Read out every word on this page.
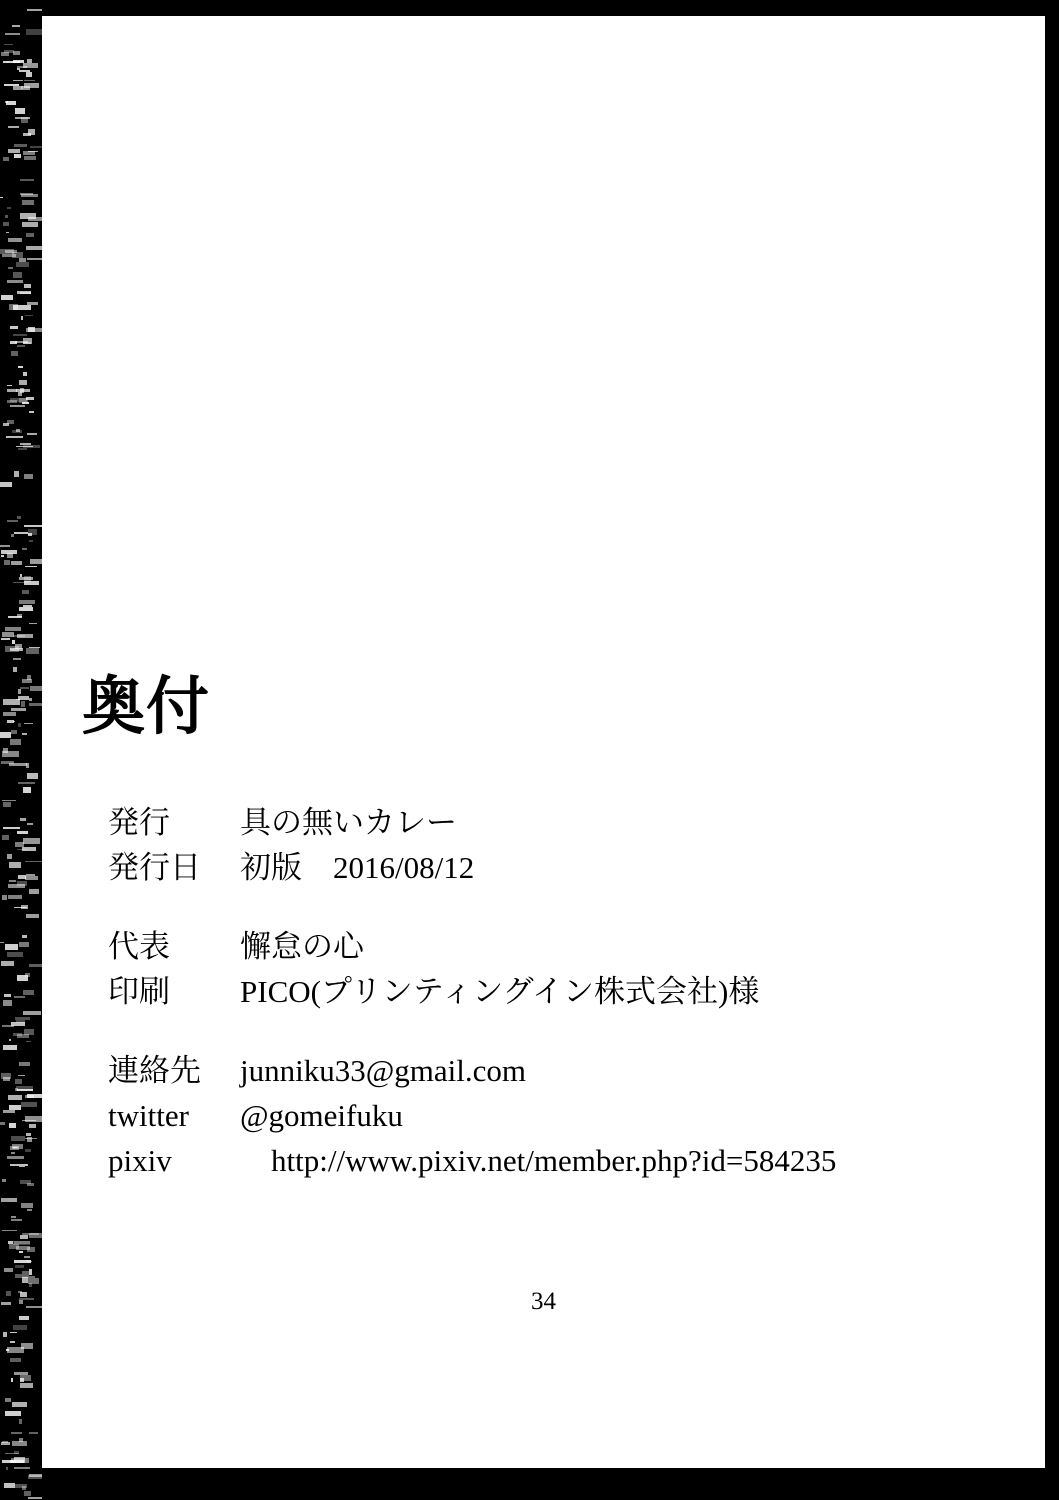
奥付
発行	具の無いカレー
発行日	初版　2016/08/12
代表	懈怠の心
印刷	PICO(プリンティングイン株式会社)様
連絡先	junniku33@gmail.com
twitter	@gomeifuku
pixiv	http://www.pixiv.net/member.php?id=584235
34
